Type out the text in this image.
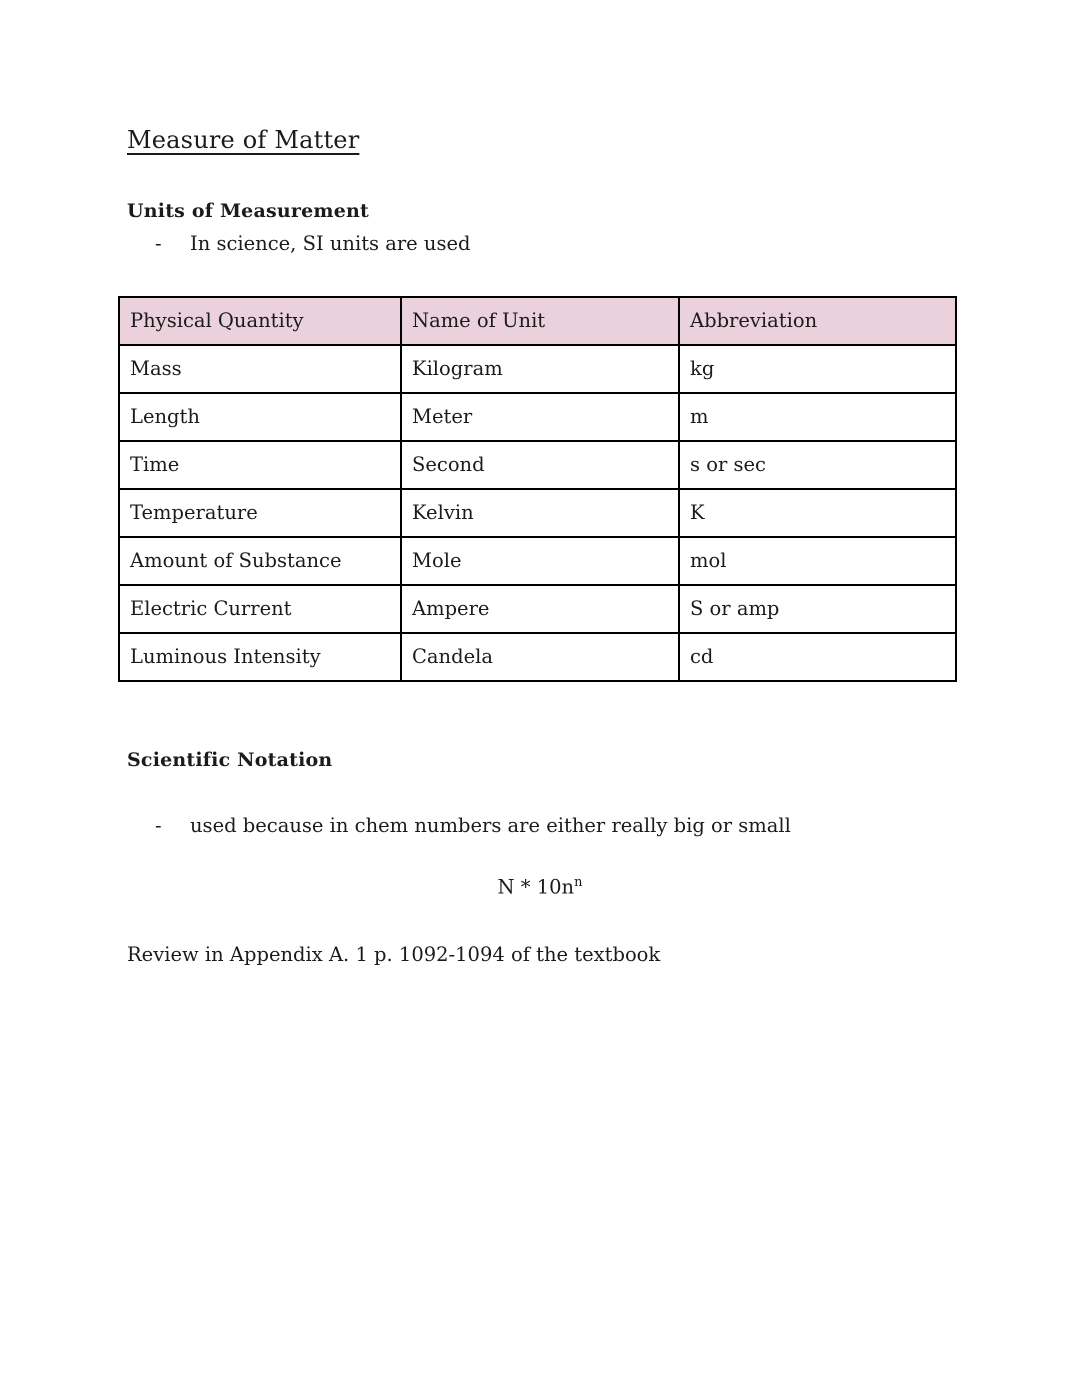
Measure of Matter
Units of Measurement
-	In science, SI units are used
Physical Quantity	Name of Unit	Abbreviation
Mass	Kilogram	kg
Length	Meter	m
Time	Second	s or sec
Temperature	Kelvin	K
Amount of Substance	Mole	mol
Electric Current	Ampere	S or amp
Luminous Intensity	Candela	cd
Scientific Notation
-	used because in chem numbers are either really big or small
N * $10n^n$
Review in Appendix A. 1 p. 1092-1094 of the textbook
